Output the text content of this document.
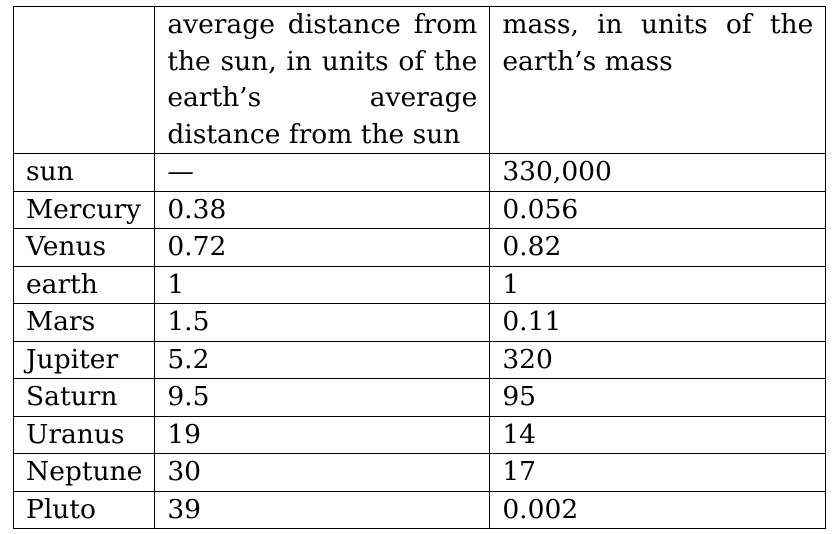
	average distance from the sun, in units of the earth’s average distance from the sun	mass, in units of the earth’s mass

sun	—	330,000
Mercury	0.38	0.056
Venus	0.72	0.82
earth	1	1
Mars	1.5	0.11
Jupiter	5.2	320
Saturn	9.5	95
Uranus	19	14
Neptune	30	17
Pluto	39	0.002
